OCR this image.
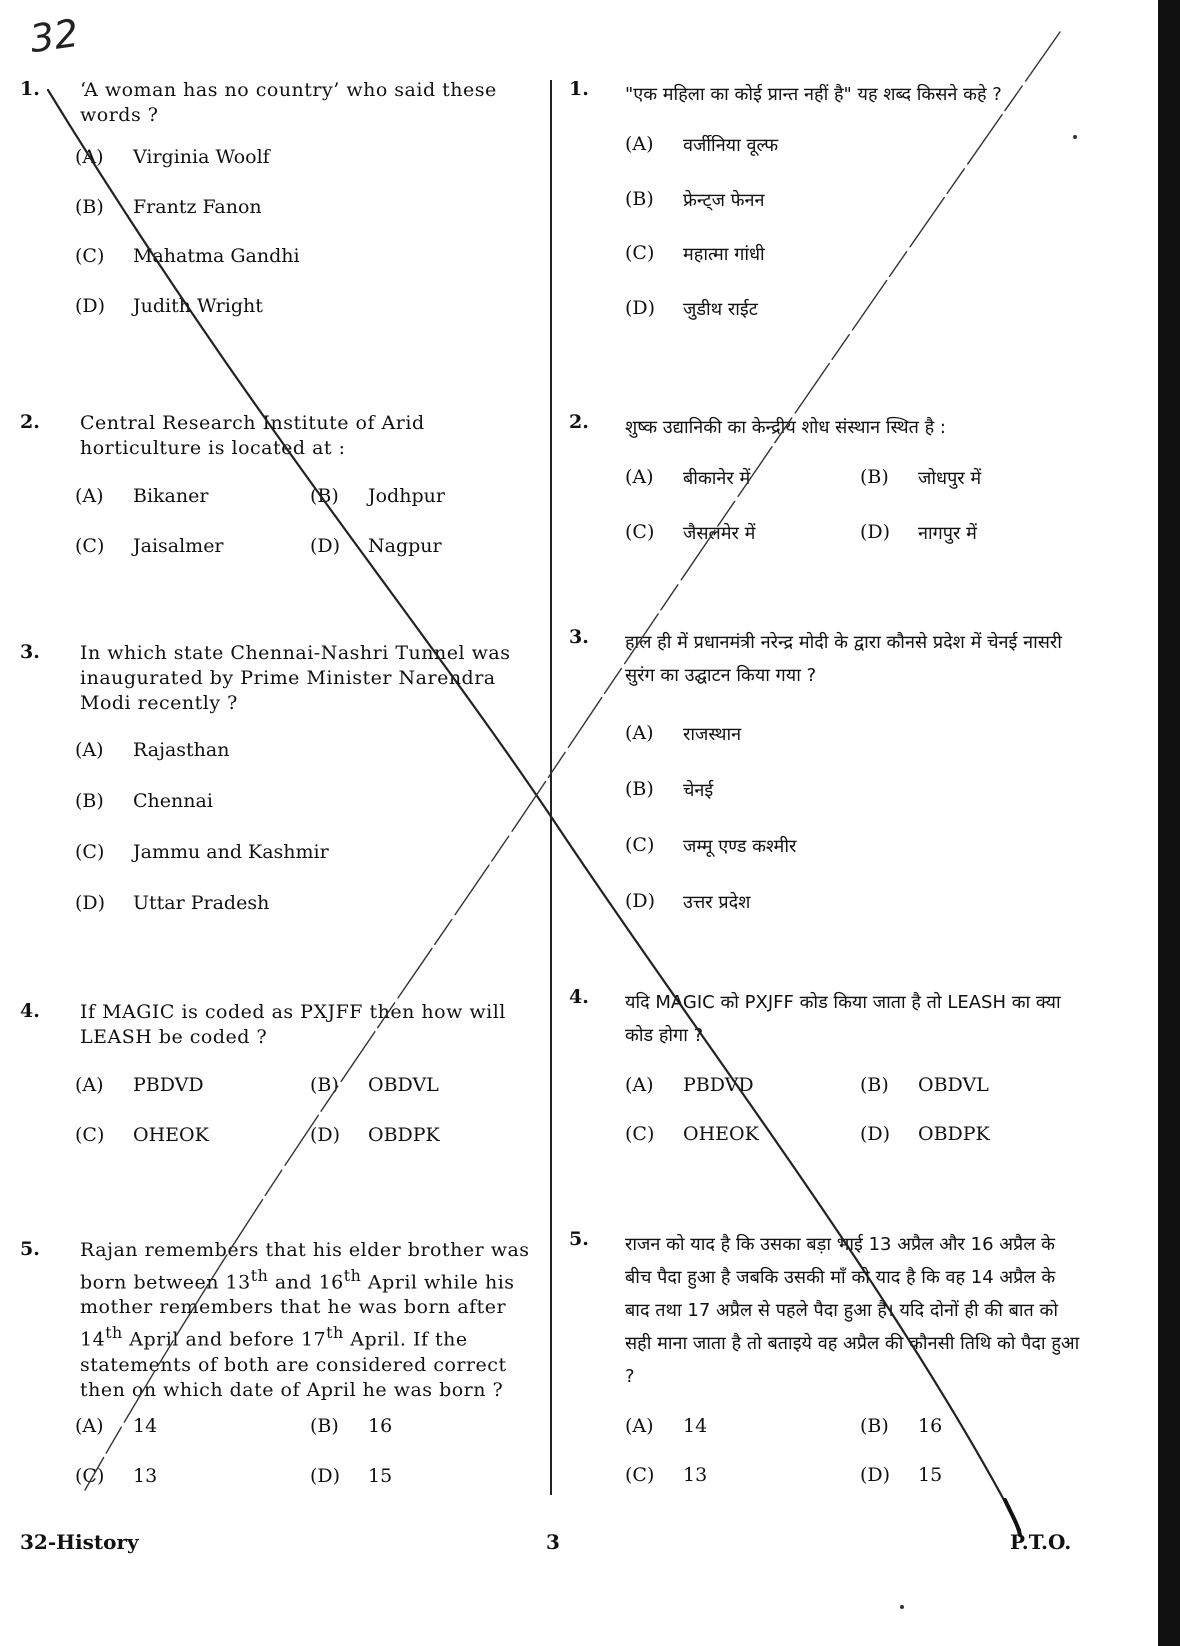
32
1. ‘A woman has no country’ who said these words ?
(A) Virginia Woolf
(B) Frantz Fanon
(C) Mahatma Gandhi
(D) Judith Wright
2. Central Research Institute of Arid horticulture is located at :
(A) Bikaner	(B) Jodhpur
(C) Jaisalmer	(D) Nagpur
3. In which state Chennai-Nashri Tunnel was inaugurated by Prime Minister Narendra Modi recently ?
(A) Rajasthan
(B) Chennai
(C) Jammu and Kashmir
(D) Uttar Pradesh
4. If MAGIC is coded as PXJFF then how will LEASH be coded ?
(A) PBDVD	(B) OBDVL
(C) OHEOK	(D) OBDPK
5. Rajan remembers that his elder brother was born between 13th and 16th April while his mother remembers that he was born after 14th April and before 17th April. If the statements of both are considered correct then on which date of April he was born ?
(A) 14	(B) 16
(C) 13	(D) 15
1. "एक महिला का कोई प्रान्त नहीं है" यह शब्द किसने कहे ?
(A) वर्जीनिया वूल्फ
(B) फ्रेन्ट्ज फेनन
(C) महात्मा गांधी
(D) जुडीथ राईट
2. शुष्क उद्यानिकी का केन्द्रीय शोध संस्थान स्थित है :
(A) बीकानेर में	(B) जोधपुर में
(C) जैसलमेर में	(D) नागपुर में
3. हाल ही में प्रधानमंत्री नरेन्द्र मोदी के द्वारा कौनसे प्रदेश में चेनई नासरी सुरंग का उद्घाटन किया गया ?
(A) राजस्थान
(B) चेनई
(C) जम्मू एण्ड कश्मीर
(D) उत्तर प्रदेश
4. यदि MAGIC को PXJFF कोड किया जाता है तो LEASH का क्या कोड होगा ?
(A) PBDVD	(B) OBDVL
(C) OHEOK	(D) OBDPK
5. राजन को याद है कि उसका बड़ा भाई 13 अप्रैल और 16 अप्रैल के बीच पैदा हुआ है जबकि उसकी माँ को याद है कि वह 14 अप्रैल के बाद तथा 17 अप्रैल से पहले पैदा हुआ है। यदि दोनों ही की बात को सही माना जाता है तो बताइये वह अप्रैल की कौनसी तिथि को पैदा हुआ ?
(A) 14	(B) 16
(C) 13	(D) 15
32-History	3	P.T.O.
